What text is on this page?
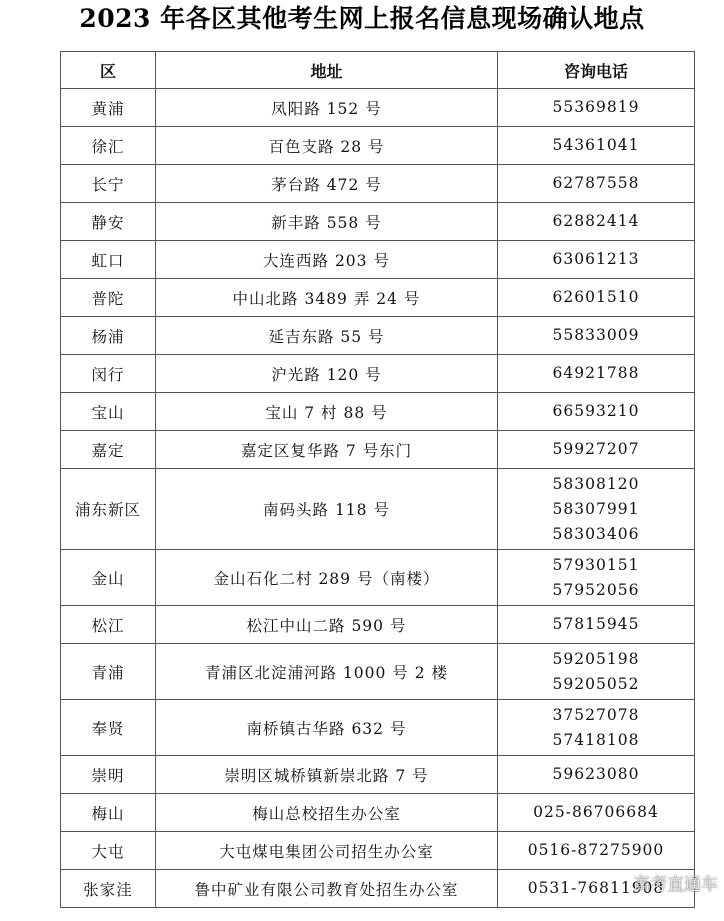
2023 年各区其他考生网上报名信息现场确认地点
区	地址	咨询电话
黄浦	凤阳路 152 号	55369819

徐汇	百色支路 28 号	54361041

长宁	茅台路 472 号	62787558

静安	新丰路 558 号	62882414

虹口	大连西路 203 号	63061213

普陀	中山北路 3489 弄 24 号	62601510

杨浦	延吉东路 55 号	55833009

闵行	沪光路 120 号	64921788

宝山	宝山 7 村 88 号	66593210

嘉定	嘉定区复华路 7 号东门	59927207

浦东新区	南码头路 118 号	58308120
58307991
58303406

金山	金山石化二村 289 号（南楼）	57930151
57952056

松江	松江中山二路 590 号	57815945

青浦	青浦区北淀浦河路 1000 号 2 楼	59205198
59205052

奉贤	南桥镇古华路 632 号	37527078
57418108

崇明	崇明区城桥镇新崇北路 7 号	59623080

梅山	梅山总校招生办公室	025-86706684

大屯	大屯煤电集团公司招生办公室	0516-87275900

张家洼	鲁中矿业有限公司教育处招生办公室	0531-76811908
高考直通车
